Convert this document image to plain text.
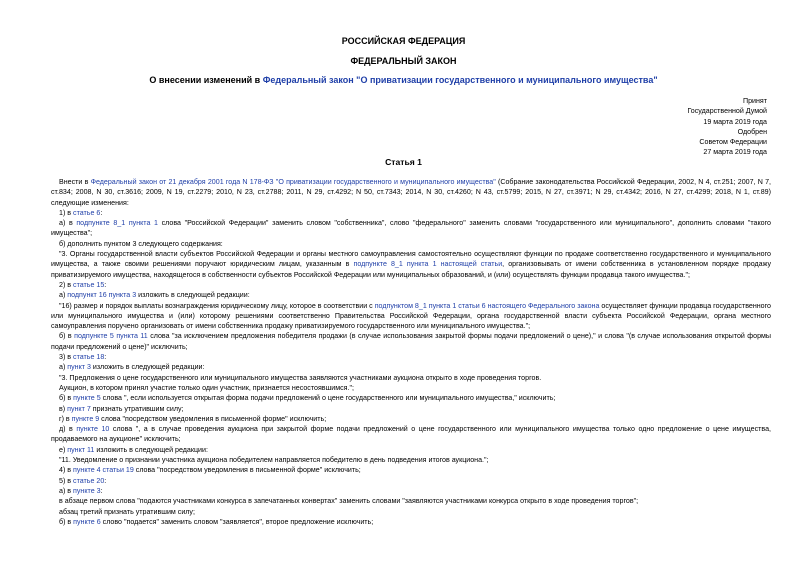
РОССИЙСКАЯ ФЕДЕРАЦИЯ
ФЕДЕРАЛЬНЫЙ ЗАКОН
О внесении изменений в Федеральный закон "О приватизации государственного и муниципального имущества"
Принят
Государственной Думой
19 марта 2019 года
Одобрен
Советом Федерации
27 марта 2019 года
Статья 1

Внести в Федеральный закон от 21 декабря 2001 года N 178-ФЗ "О приватизации государственного и муниципального имущества" (Собрание законодательства Российской Федерации, 2002, N 4, ст.251; 2007, N 7, ст.834; 2008, N 30, ст.3616; 2009, N 19, ст.2279; 2010, N 23, ст.2788; 2011, N 29, ст.4292; N 50, ст.7343; 2014, N 30, ст.4260; N 43, ст.5799; 2015, N 27, ст.3971; N 29, ст.4342; 2016, N 27, ст.4299; 2018, N 1, ст.89) следующие изменения:

1) в статье 6:

а) в подпункте 8_1 пункта 1 слова "Российской Федерации" заменить словом "собственника", слово "федерального" заменить словами "государственного или муниципального", дополнить словами "такого имущества";

б) дополнить пунктом 3 следующего содержания:

"3. Органы государственной власти субъектов Российской Федерации и органы местного самоуправления самостоятельно осуществляют функции по продаже соответственно государственного и муниципального имущества, а также своими решениями поручают юридическим лицам, указанным в подпункте 8_1 пункта 1 настоящей статьи, организовывать от имени собственника в установленном порядке продажу приватизируемого имущества, находящегося в собственности субъектов Российской Федерации или муниципальных образований, и (или) осуществлять функции продавца такого имущества.";

2) в статье 15:

а) подпункт 16 пункта 3 изложить в следующей редакции:

"16) размер и порядок выплаты вознаграждения юридическому лицу, которое в соответствии с подпунктом 8_1 пункта 1 статьи 6 настоящего Федерального закона осуществляет функции продавца государственного или муниципального имущества и (или) которому решениями соответственно Правительства Российской Федерации, органа государственной власти субъекта Российской Федерации, органа местного самоуправления поручено организовать от имени собственника продажу приватизируемого государственного или муниципального имущества.";

б) в подпункте 5 пункта 11 слова "за исключением предложения победителя продажи (в случае использования закрытой формы подачи предложений о цене)," и слова "(в случае использования открытой формы подачи предложений о цене)" исключить;

3) в статье 18:

а) пункт 3 изложить в следующей редакции:

"3. Предложения о цене государственного или муниципального имущества заявляются участниками аукциона открыто в ходе проведения торгов.

Аукцион, в котором принял участие только один участник, признается несостоявшимся.";

б) в пункте 5 слова ", если используется открытая форма подачи предложений о цене государственного или муниципального имущества," исключить;

в) пункт 7 признать утратившим силу;

г) в пункте 9 слова "посредством уведомления в письменной форме" исключить;

д) в пункте 10 слова ", а в случае проведения аукциона при закрытой форме подачи предложений о цене государственного или муниципального имущества только одно предложение о цене имущества, продаваемого на аукционе" исключить;

е) пункт 11 изложить в следующей редакции:

"11. Уведомление о признании участника аукциона победителем направляется победителю в день подведения итогов аукциона.";

4) в пункте 4 статьи 19 слова "посредством уведомления в письменной форме" исключить;

5) в статье 20:

а) в пункте 3:

в абзаце первом слова "подаются участниками конкурса в запечатанных конвертах" заменить словами "заявляются участниками конкурса открыто в ходе проведения торгов";

абзац третий признать утратившим силу;

б) в пункте 6 слово "подается" заменить словом "заявляется", второе предложение исключить;
